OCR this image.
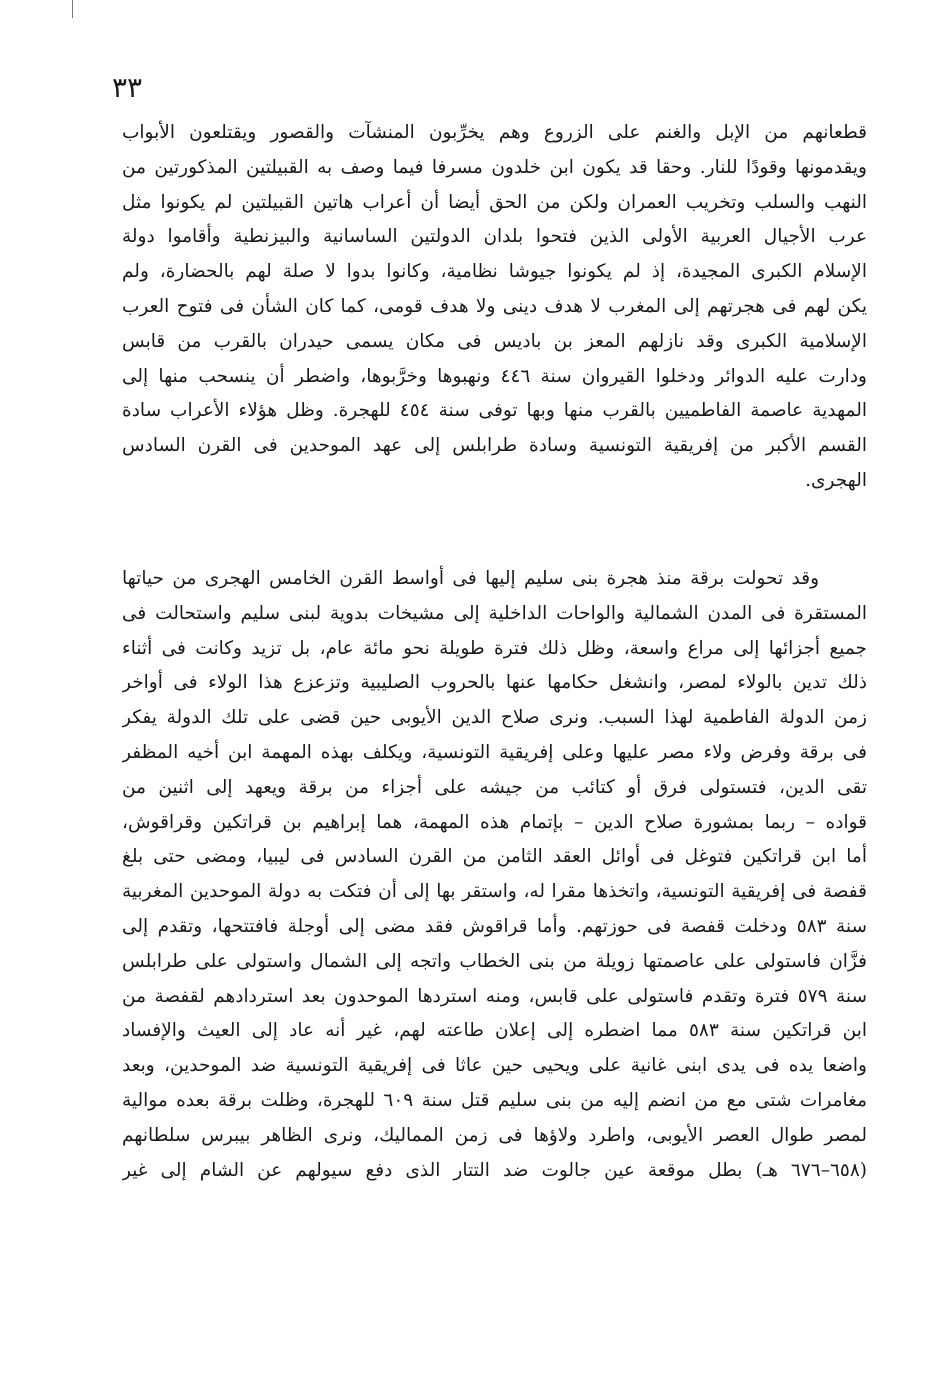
٣٣
قطعانهم من الإبل والغنم على الزروع وهم يخرِّبون المنشآت والقصور ويقتلعون الأبواب
ويقدمونها وقودًا للنار. وحقا قد يكون ابن خلدون مسرفا فيما وصف به القبيلتين المذكورتين من
النهب والسلب وتخريب العمران ولكن من الحق أيضا أن أعراب هاتين القبيلتين لم يكونوا مثل
عرب الأجيال العربية الأولى الذين فتحوا بلدان الدولتين الساسانية والبيزنطية وأقاموا دولة
الإسلام الكبرى المجيدة، إذ لم يكونوا جيوشا نظامية، وكانوا بدوا لا صلة لهم بالحضارة، ولم
يكن لهم فى هجرتهم إلى المغرب لا هدف دينى ولا هدف قومى، كما كان الشأن فى فتوح العرب
الإسلامية الكبرى وقد نازلهم المعز بن باديس فى مكان يسمى حيدران بالقرب من قابس
ودارت عليه الدوائر ودخلوا القيروان سنة ٤٤٦ ونهبوها وخرَّبوها، واضطر أن ينسحب منها إلى
المهدية عاصمة الفاطميين بالقرب منها وبها توفى سنة ٤٥٤ للهجرة. وظل هؤلاء الأعراب سادة
القسم الأكبر من إفريقية التونسية وسادة طرابلس إلى عهد الموحدين فى القرن السادس
الهجرى.
وقد تحولت برقة منذ هجرة بنى سليم إليها فى أواسط القرن الخامس الهجرى من حياتها
المستقرة فى المدن الشمالية والواحات الداخلية إلى مشيخات بدوية لبنى سليم واستحالت فى
جميع أجزائها إلى مراع واسعة، وظل ذلك فترة طويلة نحو مائة عام، بل تزيد وكانت فى أثناء
ذلك تدين بالولاء لمصر، وانشغل حكامها عنها بالحروب الصليبية وتزعزع هذا الولاء فى أواخر
زمن الدولة الفاطمية لهذا السبب. ونرى صلاح الدين الأيوبى حين قضى على تلك الدولة يفكر
فى برقة وفرض ولاء مصر عليها وعلى إفريقية التونسية، ويكلف بهذه المهمة ابن أخيه المظفر
تقى الدين، فتستولى فرق أو كتائب من جيشه على أجزاء من برقة ويعهد إلى اثنين من
قواده – ربما بمشورة صلاح الدين – بإتمام هذه المهمة، هما إبراهيم بن قراتكين وقراقوش،
أما ابن قراتكين فتوغل فى أوائل العقد الثامن من القرن السادس فى ليبيا، ومضى حتى بلغ
قفصة فى إفريقية التونسية، واتخذها مقرا له، واستقر بها إلى أن فتكت به دولة الموحدين المغربية
سنة ٥٨٣ ودخلت قفصة فى حوزتهم. وأما قراقوش فقد مضى إلى أوجلة فافتتحها، وتقدم إلى
فزَّان فاستولى على عاصمتها زويلة من بنى الخطاب واتجه إلى الشمال واستولى على طرابلس
سنة ٥٧٩ فترة وتقدم فاستولى على قابس، ومنه استردها الموحدون بعد استردادهم لقفصة من
ابن قراتكين سنة ٥٨٣ مما اضطره إلى إعلان طاعته لهم، غير أنه عاد إلى العيث والإفساد
واضعا يده فى يدى ابنى غانية على ويحيى حين عاثا فى إفريقية التونسية ضد الموحدين، وبعد
مغامرات شتى مع من انضم إليه من بنى سليم قتل سنة ٦٠٩ للهجرة، وظلت برقة بعده موالية
لمصر طوال العصر الأيوبى، واطرد ولاؤها فى زمن المماليك، ونرى الظاهر بيبرس سلطانهم
(٦٥٨–٦٧٦ هـ) بطل موقعة عين جالوت ضد التتار الذى دفع سيولهم عن الشام إلى غير
